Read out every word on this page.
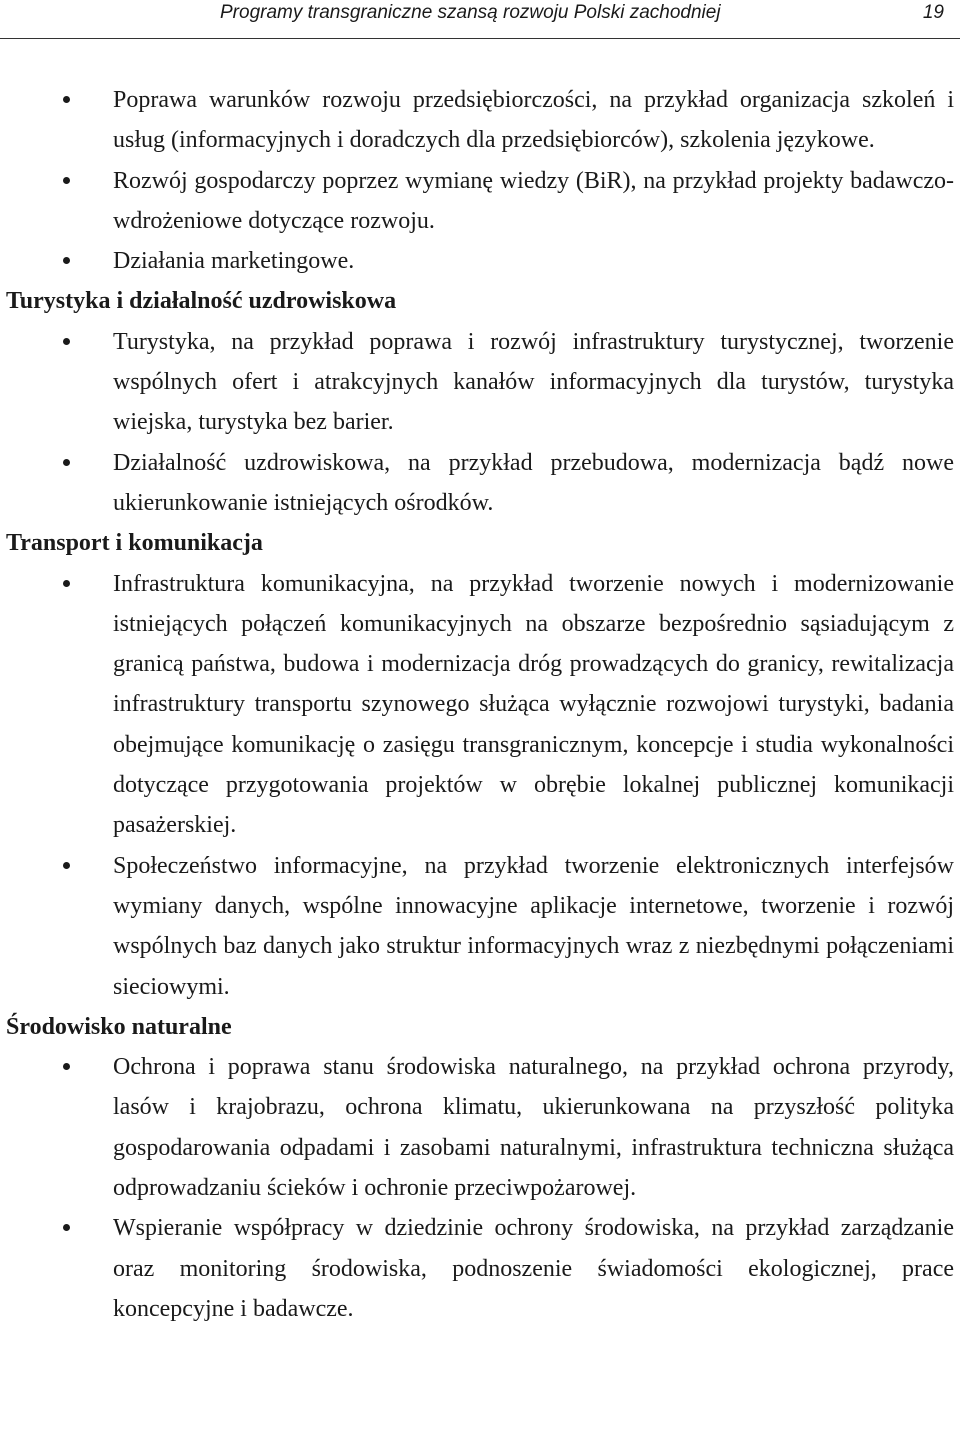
Programy transgraniczne szansą rozwoju Polski zachodniej	19
Poprawa warunków rozwoju przedsiębiorczości, na przykład organizacja szkoleń i usług (informacyjnych i doradczych dla przedsiębiorców), szkolenia językowe.
Rozwój gospodarczy poprzez wymianę wiedzy (BiR), na przykład projekty badawczo-wdrożeniowe dotyczące rozwoju.
Działania marketingowe.
Turystyka i działalność uzdrowiskowa
Turystyka, na przykład poprawa i rozwój infrastruktury turystycznej, tworzenie wspólnych ofert i atrakcyjnych kanałów informacyjnych dla turystów, turystyka wiejska, turystyka bez barier.
Działalność uzdrowiskowa, na przykład przebudowa, modernizacja bądź nowe ukierunkowanie istniejących ośrodków.
Transport i komunikacja
Infrastruktura komunikacyjna, na przykład tworzenie nowych i modernizowanie istniejących połączeń komunikacyjnych na obszarze bezpośrednio sąsiadującym z granicą państwa, budowa i modernizacja dróg prowadzących do granicy, rewitalizacja infrastruktury transportu szynowego służąca wyłącznie rozwojowi turystyki, badania obejmujące komunikację o zasięgu transgranicznym, koncepcje i studia wykonalności dotyczące przygotowania projektów w obrębie lokalnej publicznej komunikacji pasażerskiej.
Społeczeństwo informacyjne, na przykład tworzenie elektronicznych interfejsów wymiany danych, wspólne innowacyjne aplikacje internetowe, tworzenie i rozwój wspólnych baz danych jako struktur informacyjnych wraz z niezbędnymi połączeniami sieciowymi.
Środowisko naturalne
Ochrona i poprawa stanu środowiska naturalnego, na przykład ochrona przyrody, lasów i krajobrazu, ochrona klimatu, ukierunkowana na przyszłość polityka gospodarowania odpadami i zasobami naturalnymi, infrastruktura techniczna służąca odprowadzaniu ścieków i ochronie przeciwpożarowej.
Wspieranie współpracy w dziedzinie ochrony środowiska, na przykład zarządzanie oraz monitoring środowiska, podnoszenie świadomości ekologicznej, prace koncepcyjne i badawcze.
